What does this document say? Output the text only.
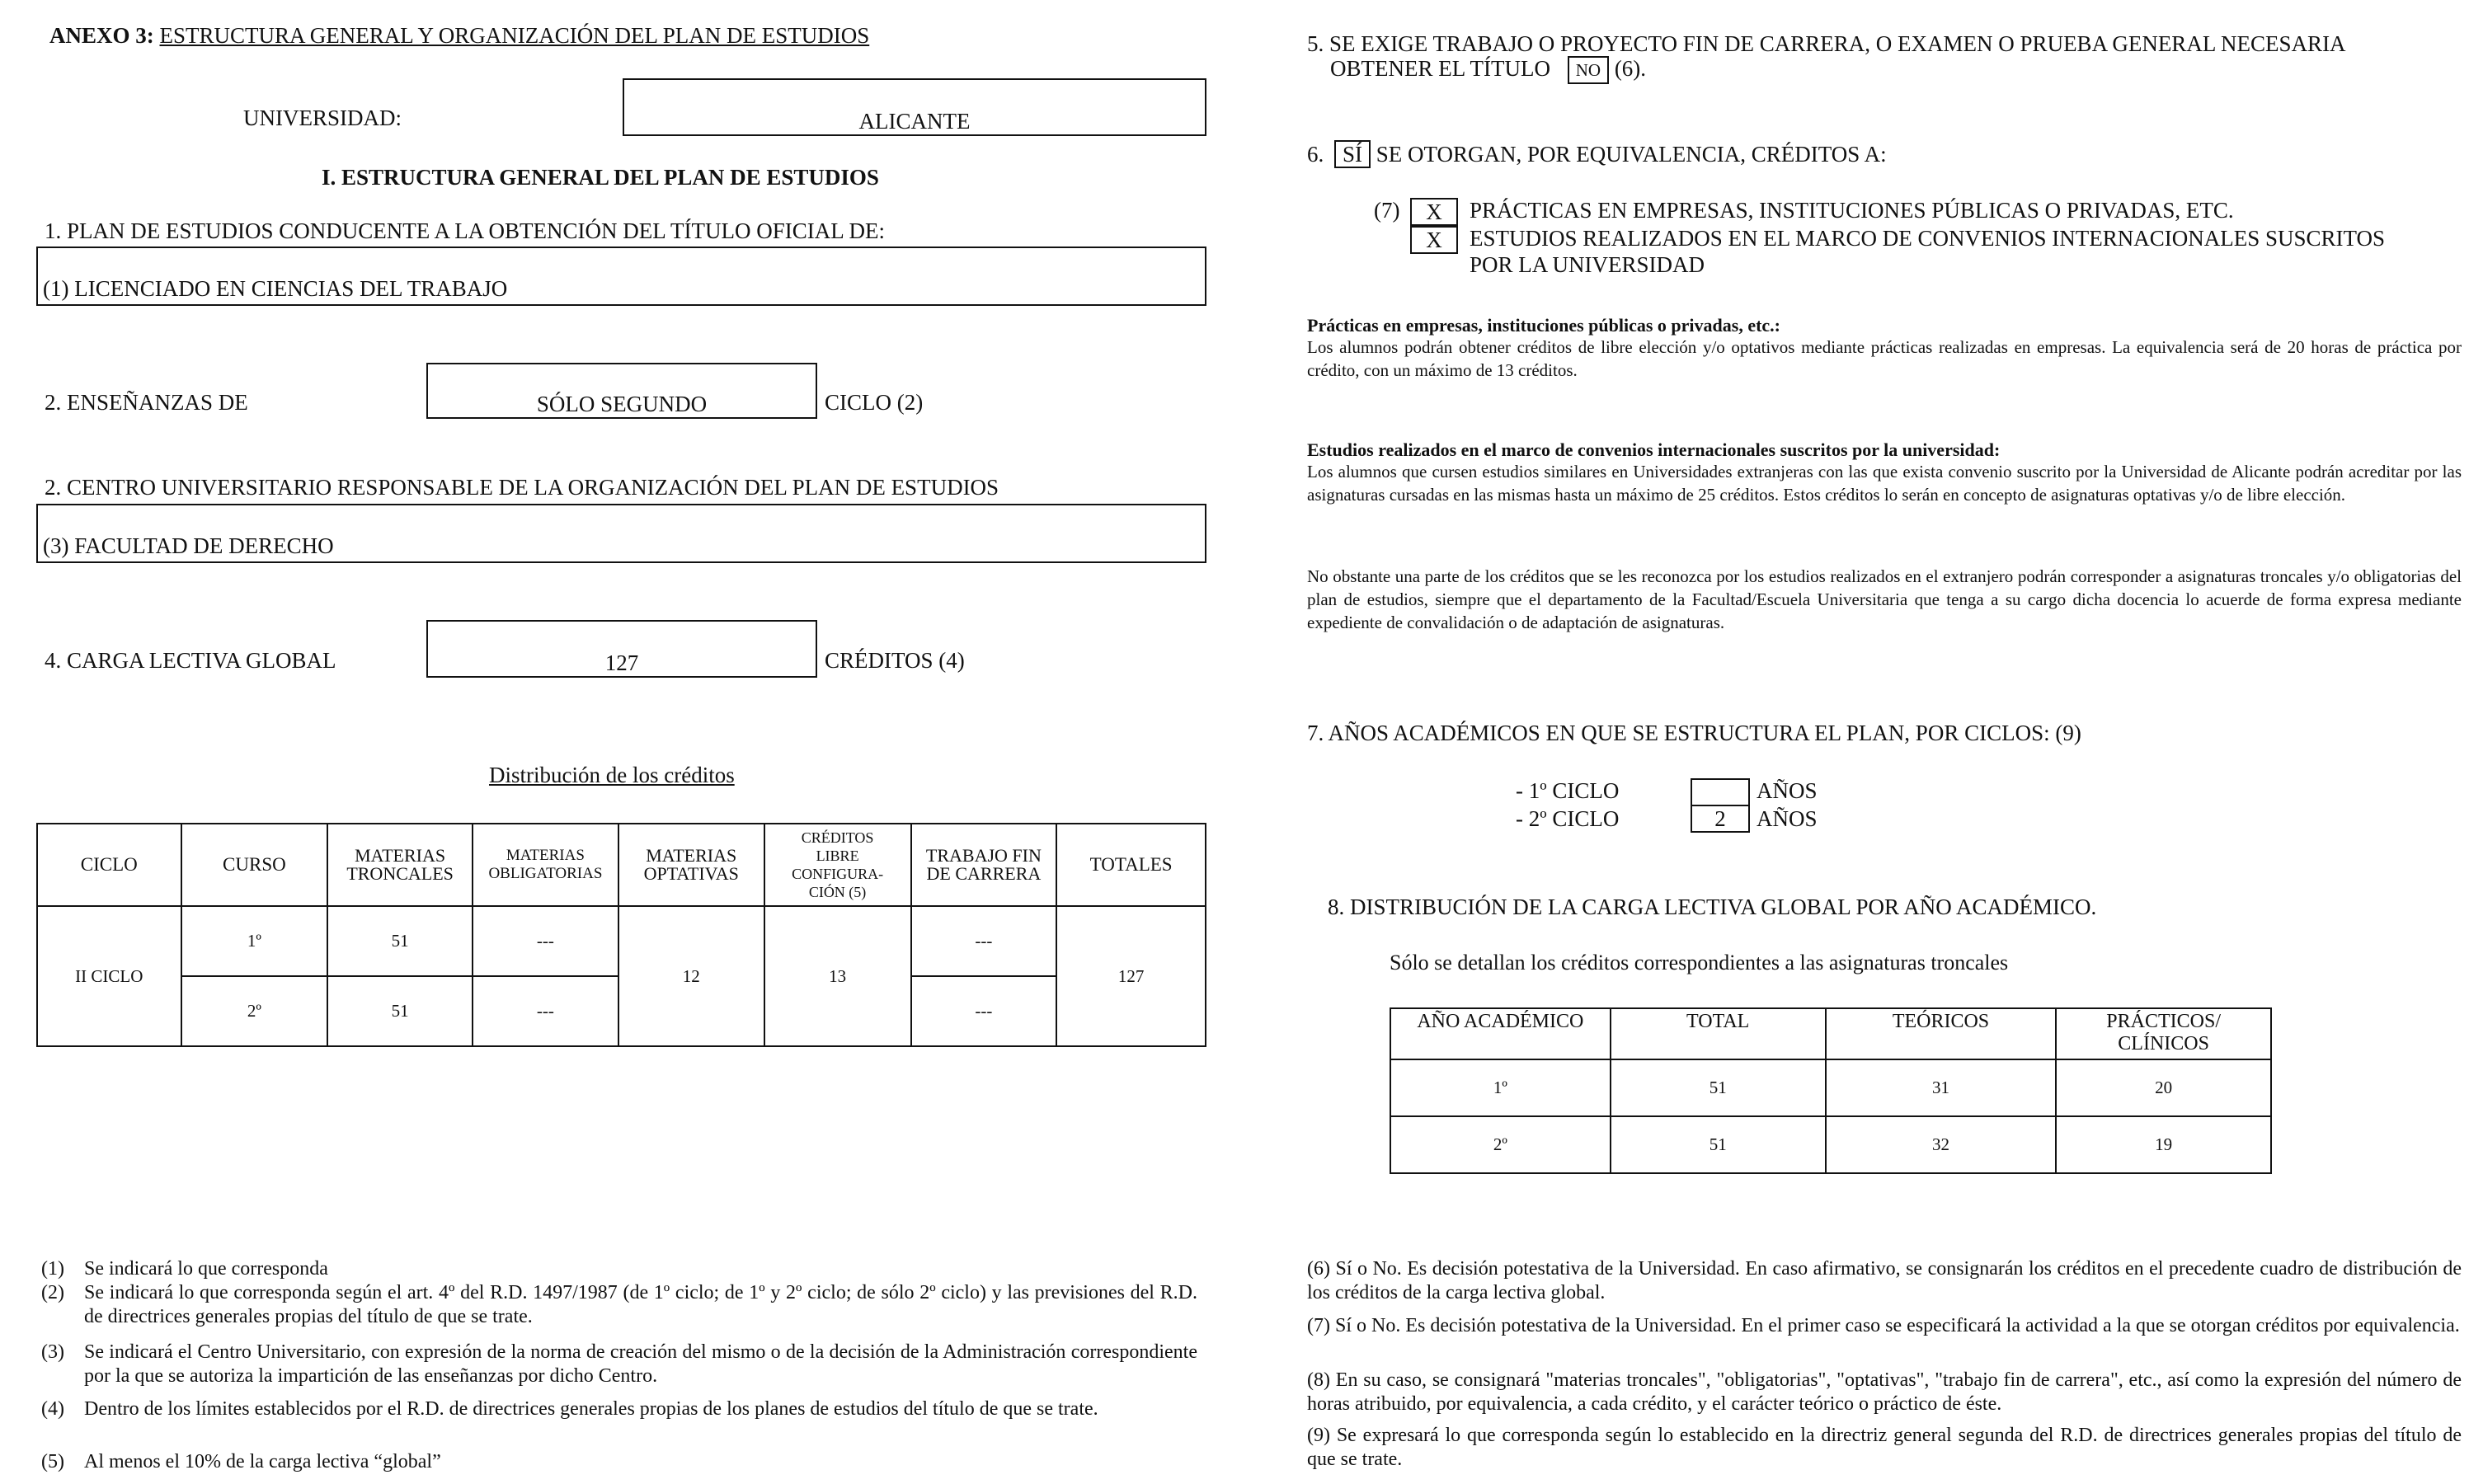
ANEXO 3: ESTRUCTURA GENERAL Y ORGANIZACIÓN DEL PLAN DE ESTUDIOS
UNIVERSIDAD:	ALICANTE
I. ESTRUCTURA GENERAL DEL PLAN DE ESTUDIOS
1. PLAN DE ESTUDIOS CONDUCENTE A LA OBTENCIÓN DEL TÍTULO OFICIAL DE:
(1) LICENCIADO EN CIENCIAS DEL TRABAJO
2. ENSEÑANZAS DE	SÓLO SEGUNDO	CICLO (2)
2. CENTRO UNIVERSITARIO RESPONSABLE DE LA ORGANIZACIÓN DEL PLAN DE ESTUDIOS
(3) FACULTAD DE DERECHO
4. CARGA LECTIVA GLOBAL	127	CRÉDITOS (4)
Distribución de los créditos
CICLO	CURSO	MATERIAS TRONCALES	MATERIAS OBLIGATORIAS	MATERIAS OPTATIVAS	CRÉDITOS LIBRE CONFIGURA-CIÓN (5)	TRABAJO FIN DE CARRERA	TOTALES
II CICLO	1º	51	---	12	13	---	127
	2º	51	---			---	
(1)	Se indicará lo que corresponda
(2)	Se indicará lo que corresponda según el art. 4º del R.D. 1497/1987 (de 1º ciclo; de 1º y 2º ciclo; de sólo 2º ciclo) y las previsiones del R.D. de directrices generales propias del título de que se trate.
(3)	Se indicará el Centro Universitario, con expresión de la norma de creación del mismo o de la decisión de la Administración correspondiente por la que se autoriza la impartición de las enseñanzas por dicho Centro.
(4)	Dentro de los límites establecidos por el R.D. de directrices generales propias de los planes de estudios del título de que se trate.
(5)	Al menos el 10% de la carga lectiva “global”
5. SE EXIGE TRABAJO O PROYECTO FIN DE CARRERA, O EXAMEN O PRUEBA GENERAL NECESARIA
OBTENER EL TÍTULO NO (6).
6. SÍ SE OTORGAN, POR EQUIVALENCIA, CRÉDITOS A:
(7)	X	PRÁCTICAS EN EMPRESAS, INSTITUCIONES PÚBLICAS O PRIVADAS, ETC.
X	ESTUDIOS REALIZADOS EN EL MARCO DE CONVENIOS INTERNACIONALES SUSCRITOS
POR LA UNIVERSIDAD
Prácticas en empresas, instituciones públicas o privadas, etc.:
Los alumnos podrán obtener créditos de libre elección y/o optativos mediante prácticas realizadas en empresas. La equivalencia será de 20 horas de práctica por crédito, con un máximo de 13 créditos.
Estudios realizados en el marco de convenios internacionales suscritos por la universidad:
Los alumnos que cursen estudios similares en Universidades extranjeras con las que exista convenio suscrito por la Universidad de Alicante podrán acreditar por las asignaturas cursadas en las mismas hasta un máximo de 25 créditos. Estos créditos lo serán en concepto de asignaturas optativas y/o de libre elección.
No obstante una parte de los créditos que se les reconozca por los estudios realizados en el extranjero podrán corresponder a asignaturas troncales y/o obligatorias del plan de estudios, siempre que el departamento de la Facultad/Escuela Universitaria que tenga a su cargo dicha docencia lo acuerde de forma expresa mediante expediente de convalidación o de adaptación de asignaturas.
7. AÑOS ACADÉMICOS EN QUE SE ESTRUCTURA EL PLAN, POR CICLOS: (9)
- 1º CICLO	AÑOS
- 2º CICLO	2	AÑOS
8. DISTRIBUCIÓN DE LA CARGA LECTIVA GLOBAL POR AÑO ACADÉMICO.
Sólo se detallan los créditos correspondientes a las asignaturas troncales
AÑO ACADÉMICO	TOTAL	TEÓRICOS	PRÁCTICOS/ CLÍNICOS
1º	51	31	20
2º	51	32	19
(6) Sí o No. Es decisión potestativa de la Universidad. En caso afirmativo, se consignarán los créditos en el precedente cuadro de distribución de los créditos de la carga lectiva global.
(7) Sí o No. Es decisión potestativa de la Universidad. En el primer caso se especificará la actividad a la que se otorgan créditos por equivalencia.
(8) En su caso, se consignará "materias troncales", "obligatorias", "optativas", "trabajo fin de carrera", etc., así como la expresión del número de horas atribuido, por equivalencia, a cada crédito, y el carácter teórico o práctico de éste.
(9) Se expresará lo que corresponda según lo establecido en la directriz general segunda del R.D. de directrices generales propias del título de que se trate.
